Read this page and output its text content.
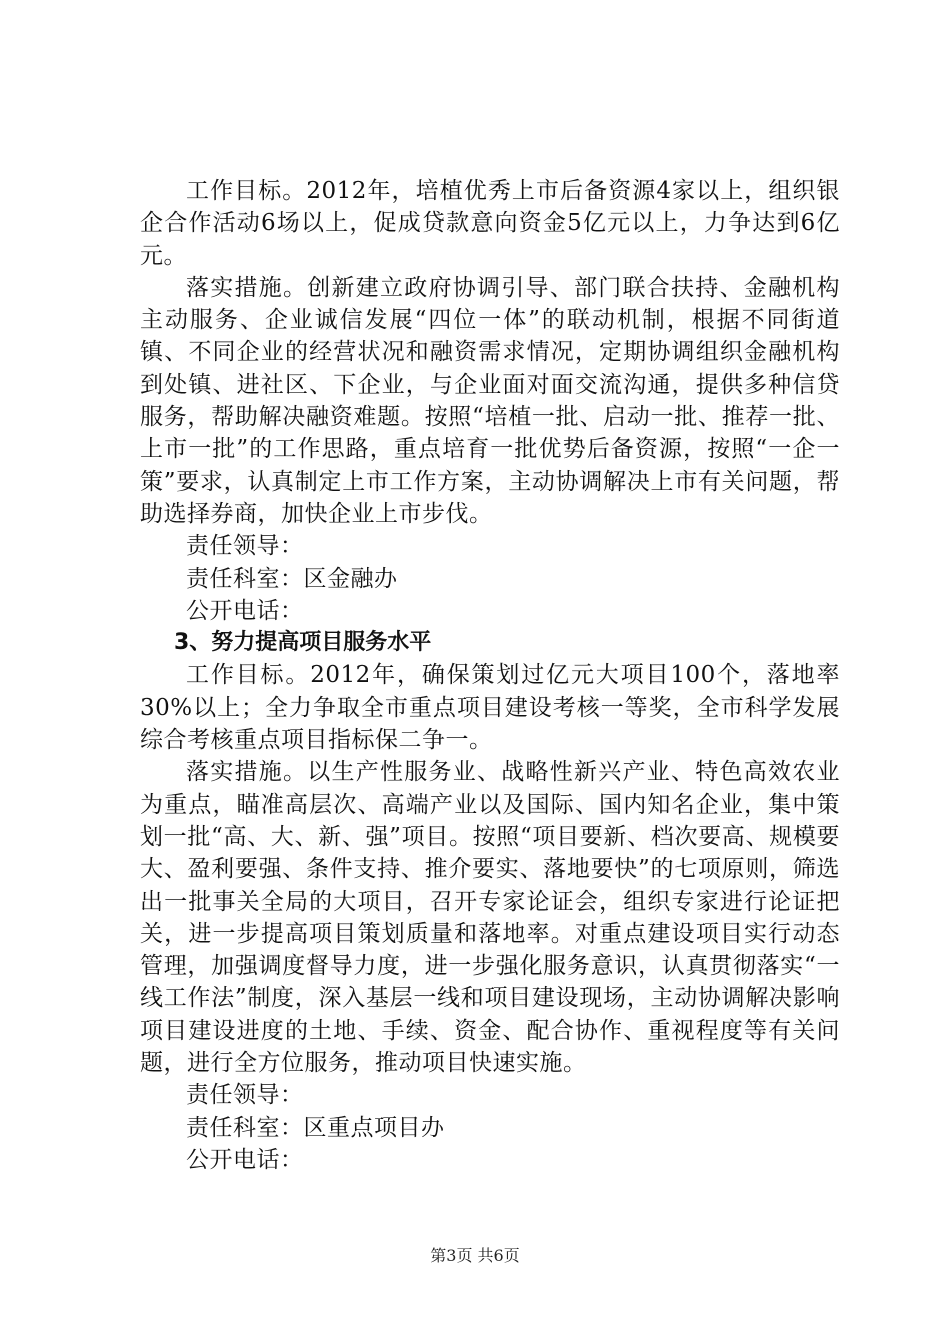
工作目标。2012年，培植优秀上市后备资源4家以上，组织银企合作活动6场以上，促成贷款意向资金5亿元以上，力争达到6亿元。

落实措施。创新建立政府协调引导、部门联合扶持、金融机构主动服务、企业诚信发展“四位一体”的联动机制，根据不同街道镇、不同企业的经营状况和融资需求情况，定期协调组织金融机构到处镇、进社区、下企业，与企业面对面交流沟通，提供多种信贷服务，帮助解决融资难题。按照“培植一批、启动一批、推荐一批、上市一批”的工作思路，重点培育一批优势后备资源，按照“一企一策”要求，认真制定上市工作方案，主动协调解决上市有关问题，帮助选择券商，加快企业上市步伐。

责任领导：

责任科室：区金融办

公开电话：

3、努力提高项目服务水平

工作目标。2012年，确保策划过亿元大项目100个，落地率30%以上；全力争取全市重点项目建设考核一等奖，全市科学发展综合考核重点项目指标保二争一。

落实措施。以生产性服务业、战略性新兴产业、特色高效农业为重点，瞄准高层次、高端产业以及国际、国内知名企业，集中策划一批“高、大、新、强”项目。按照“项目要新、档次要高、规模要大、盈利要强、条件支持、推介要实、落地要快”的七项原则，筛选出一批事关全局的大项目，召开专家论证会，组织专家进行论证把关，进一步提高项目策划质量和落地率。对重点建设项目实行动态管理，加强调度督导力度，进一步强化服务意识，认真贯彻落实“一线工作法”制度，深入基层一线和项目建设现场，主动协调解决影响项目建设进度的土地、手续、资金、配合协作、重视程度等有关问题，进行全方位服务，推动项目快速实施。

责任领导：

责任科室：区重点项目办

公开电话：

第3页 共6页
